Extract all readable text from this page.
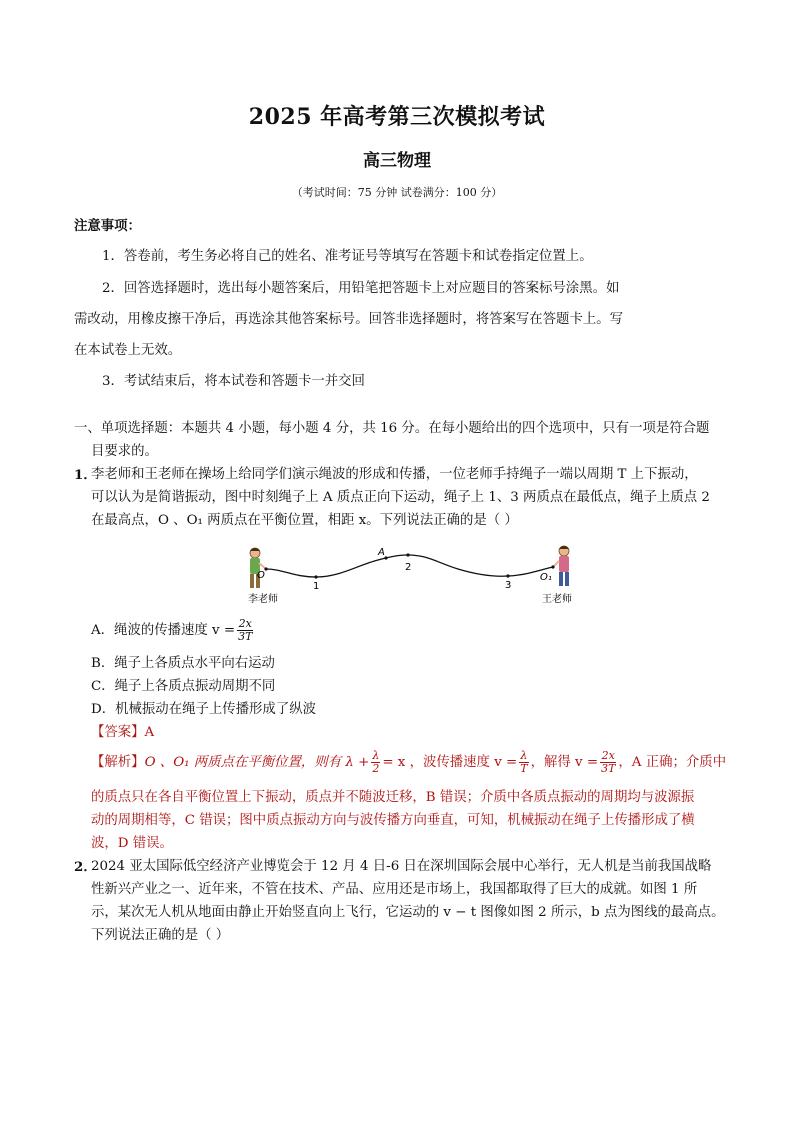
2025 年高考第三次模拟考试
高三物理
（考试时间：75 分钟 试卷满分：100 分）
注意事项：
1．答卷前，考生务必将自己的姓名、准考证号等填写在答题卡和试卷指定位置上。
2．回答选择题时，选出每小题答案后，用铅笔把答题卡上对应题目的答案标号涂黑。如
需改动，用橡皮擦干净后，再选涂其他答案标号。回答非选择题时，将答案写在答题卡上。写
在本试卷上无效。
3．考试结束后，将本试卷和答题卡一并交回
一、单项选择题：本题共 4 小题，每小题 4 分，共 16 分。在每小题给出的四个选项中，只有一项是符合题
目要求的。
1．
李老师和王老师在操场上给同学们演示绳波的形成和传播，一位老师手持绳子一端以周期 T 上下振动，
可以认为是简谐振动，图中时刻绳子上 A 质点正向下运动，绳子上 1、3 两质点在最低点，绳子上质点 2
在最高点，O 、O₁ 两质点在平衡位置，相距 x。下列说法正确的是（ ）
O
1
A
2
3
O₁
李老师	王老师
A．绳波的传播速度 $v = \frac{2x}{3T}$
B．绳子上各质点水平向右运动
C．绳子上各质点振动周期不同
D．机械振动在绳子上传播形成了纵波
【答案】A
【解析】O 、O₁ 两质点在平衡位置，则有 $\lambda + \frac{\lambda}{2} = x$ ，波传播速度 $v = \frac{\lambda}{T}$ ，解得 $v = \frac{2x}{3T}$ ，A 正确；介质中
的质点只在各自平衡位置上下振动，质点并不随波迁移，B 错误；介质中各质点振动的周期均与波源振
动的周期相等，C 错误；图中质点振动方向与波传播方向垂直，可知，机械振动在绳子上传播形成了横
波，D 错误。
2．
2024 亚太国际低空经济产业博览会于 12 月 4 日-6 日在深圳国际会展中心举行，无人机是当前我国战略
性新兴产业之一、近年来，不管在技术、产品、应用还是市场上，我国都取得了巨大的成就。如图 1 所
示，某次无人机从地面由静止开始竖直向上飞行，它运动的 v − t 图像如图 2 所示，b 点为图线的最高点。
下列说法正确的是（ ）
